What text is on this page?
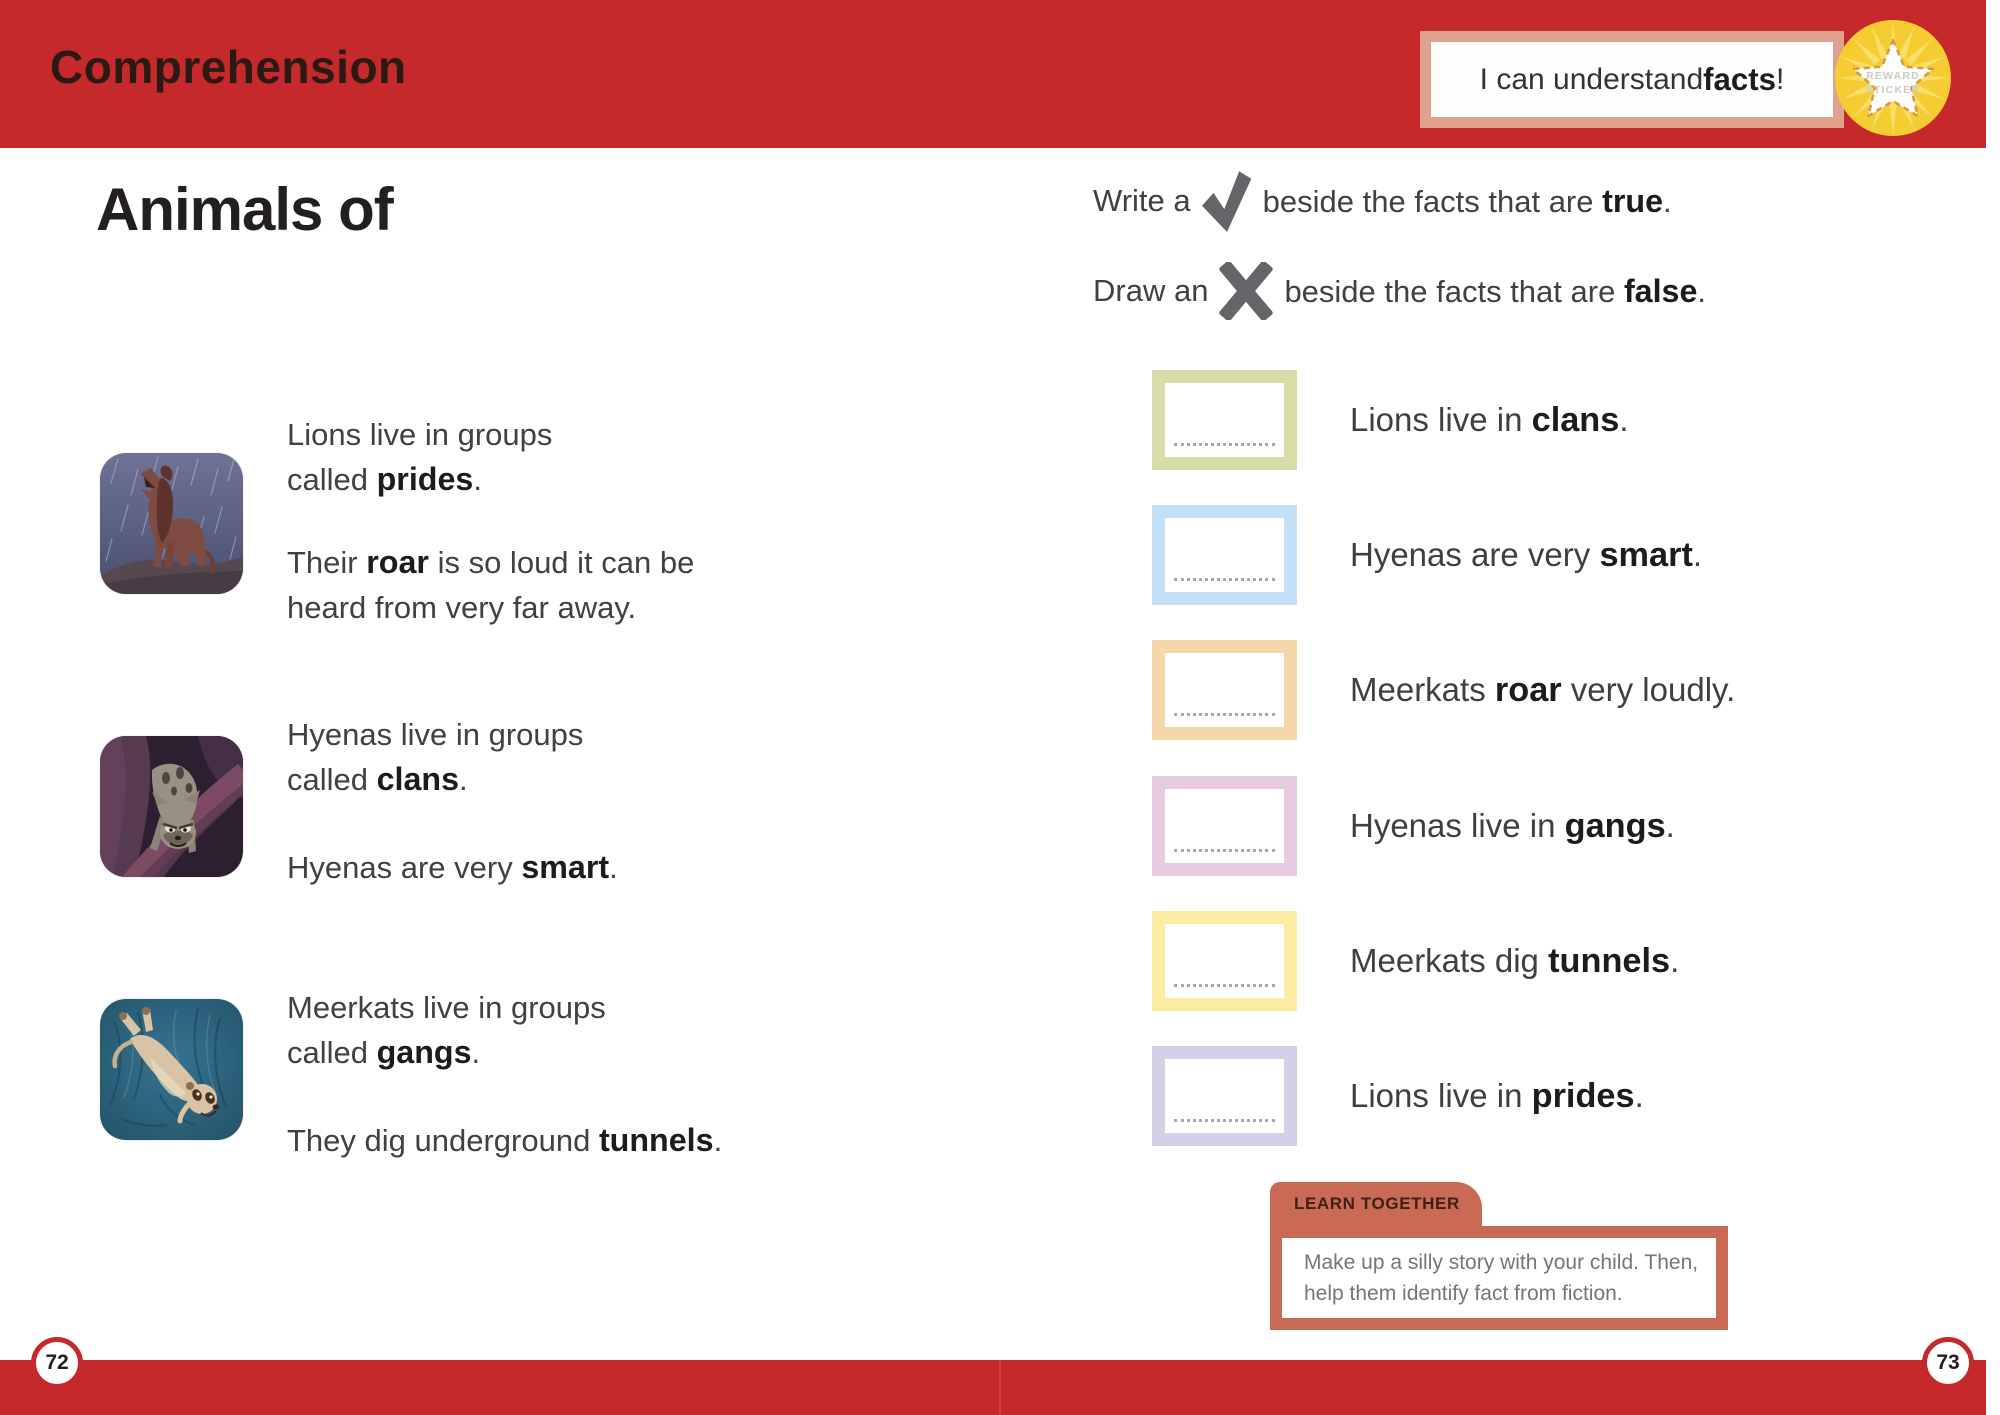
Comprehension	I can understand facts !	REWARD
STICKER
Animals of
Lions live in groups
called prides.
Their roar is so loud it can be
heard from very far away.
Hyenas live in groups
called clans.
Hyenas are very smart.
Meerkats live in groups
called gangs.
They dig underground tunnels.
Write a beside the facts that are true.
Draw an beside the facts that are false.
Lions live in clans.
Hyenas are very smart.
Meerkats roar very loudly.
Hyenas live in gangs.
Meerkats dig tunnels.
Lions live in prides.
LEARN TOGETHER
Make up a silly story with your child. Then,
help them identify fact from fiction.
72	73
